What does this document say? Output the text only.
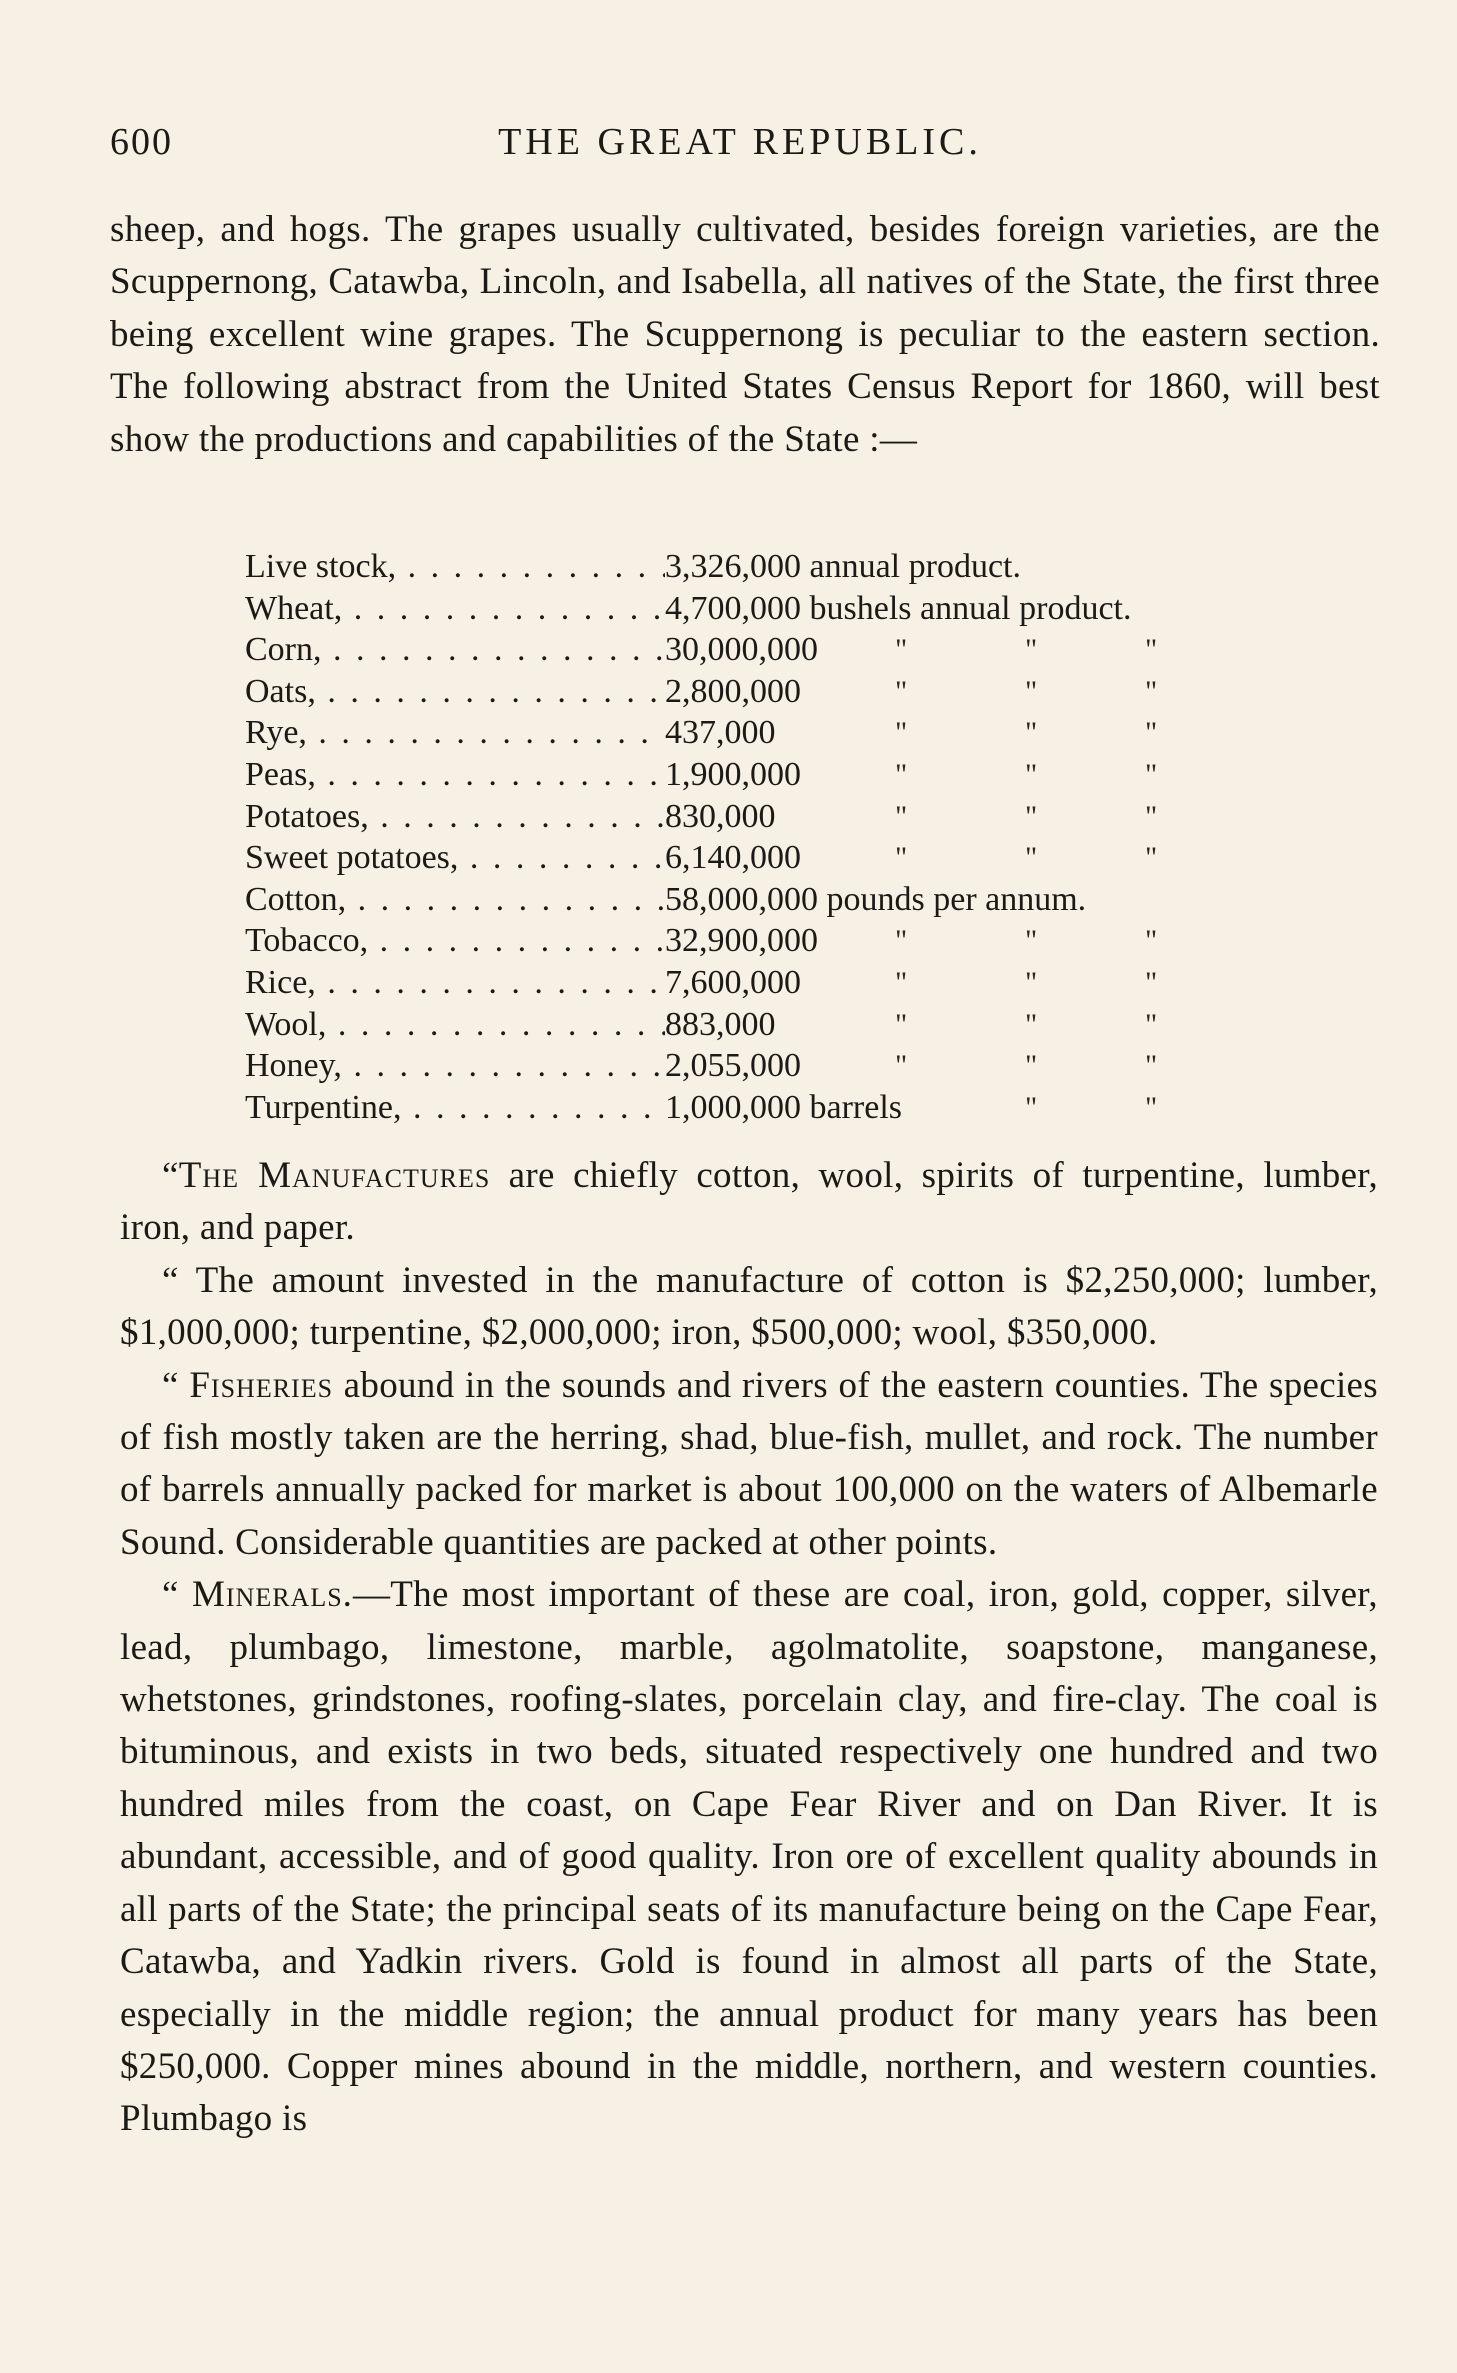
600	THE GREAT REPUBLIC.

sheep, and hogs. The grapes usually cultivated, besides foreign varieties, are the Scuppernong, Catawba, Lincoln, and Isabella, all natives of the State, the first three being excellent wine grapes. The Scuppernong is peculiar to the eastern section. The following abstract from the United States Census Report for 1860, will best show the productions and capabilities of the State :—

Live stock, . . .	3,326,000 annual product.
Wheat, . . .	4,700,000 bushels annual product.
Corn, . . .	30,000,000	"	"	"
Oats, . . .	2,800,000	"	"	"
Rye, . . .	437,000	"	"	"
Peas, . . .	1,900,000	"	"	"
Potatoes, . . .	830,000	"	"	"
Sweet potatoes, . . .	6,140,000	"	"	"
Cotton, . . .	58,000,000 pounds per annum.
Tobacco, . . .	32,900,000	"	"	"
Rice, . . .	7,600,000	"	"	"
Wool, . . .	883,000	"	"	"
Honey, . . .	2,055,000	"	"	"
Turpentine, . . .	1,000,000 barrels	"	"

“The Manufactures are chiefly cotton, wool, spirits of turpentine, lumber, iron, and paper.

“ The amount invested in the manufacture of cotton is $2,250,000; lumber, $1,000,000; turpentine, $2,000,000; iron, $500,000; wool, $350,000.

“ Fisheries abound in the sounds and rivers of the eastern counties. The species of fish mostly taken are the herring, shad, blue-fish, mullet, and rock. The number of barrels annually packed for market is about 100,000 on the waters of Albemarle Sound. Considerable quantities are packed at other points.

“ Minerals.—The most important of these are coal, iron, gold, copper, silver, lead, plumbago, limestone, marble, agolmatolite, soapstone, manganese, whetstones, grindstones, roofing-slates, porcelain clay, and fire-clay. The coal is bituminous, and exists in two beds, situated respectively one hundred and two hundred miles from the coast, on Cape Fear River and on Dan River. It is abundant, accessible, and of good quality. Iron ore of excellent quality abounds in all parts of the State; the principal seats of its manufacture being on the Cape Fear, Catawba, and Yadkin rivers. Gold is found in almost all parts of the State, especially in the middle region; the annual product for many years has been $250,000. Copper mines abound in the middle, northern, and western counties. Plumbago is
